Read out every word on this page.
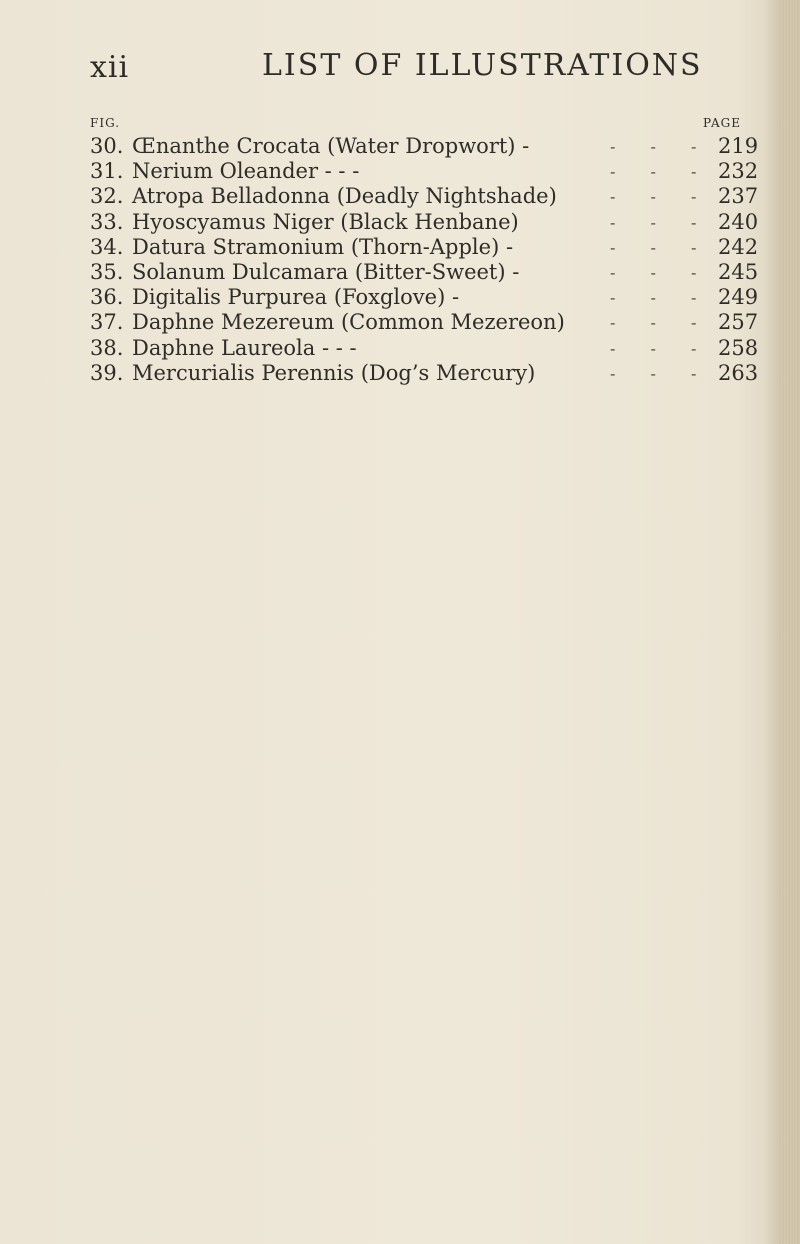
xii	LIST OF ILLUSTRATIONS
FIG.	PAGE
30. Œnanthe Crocata (Water Dropwort) -	- - -	219
31. Nerium Oleander - - -	- - -	232
32. Atropa Belladonna (Deadly Nightshade)	- - -	237
33. Hyoscyamus Niger (Black Henbane)	- - -	240
34. Datura Stramonium (Thorn-Apple) -	- - -	242
35. Solanum Dulcamara (Bitter-Sweet) -	- - -	245
36. Digitalis Purpurea (Foxglove) -	- - -	249
37. Daphne Mezereum (Common Mezereon)	- - -	257
38. Daphne Laureola - - -	- - -	258
39. Mercurialis Perennis (Dog’s Mercury)	- - -	263
